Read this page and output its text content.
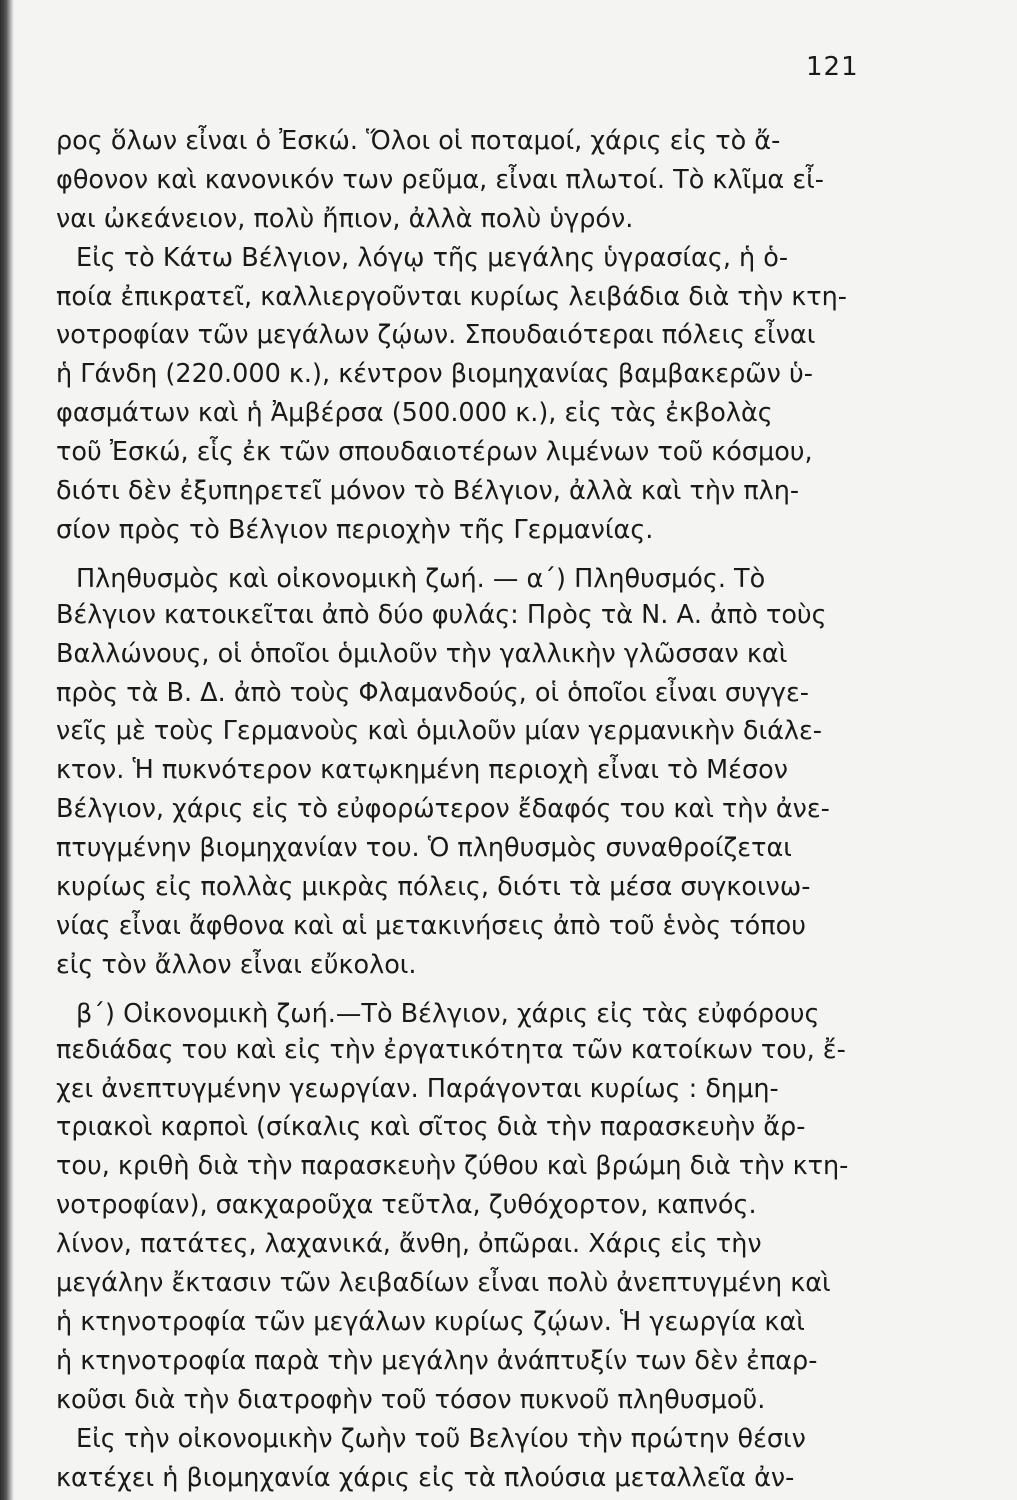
121
ρος ὅλων εἶναι ὁ Ἐσκώ. Ὅλοι οἱ ποταμοί, χάρις εἰς τὸ ἄ-
φθονον καὶ κανονικόν των ρεῦμα, εἶναι πλωτοί. Τὸ κλῖμα εἶ-
ναι ὠκεάνειον, πολὺ ἤπιον, ἀλλὰ πολὺ ὑγρόν.
Εἰς τὸ Κάτω Βέλγιον, λόγῳ τῆς μεγάλης ὑγρασίας, ἡ ὁ-
ποία ἐπικρατεῖ, καλλιεργοῦνται κυρίως λειβάδια διὰ τὴν κτη-
νοτροφίαν τῶν μεγάλων ζῴων. Σπουδαιότεραι πόλεις εἶναι
ἡ Γάνδη (220.000 κ.), κέντρον βιομηχανίας βαμβακερῶν ὑ-
φασμάτων καὶ ἡ Ἀμβέρσα (500.000 κ.), εἰς τὰς ἐκβολὰς
τοῦ Ἐσκώ, εἷς ἐκ τῶν σπουδαιοτέρων λιμένων τοῦ κόσμου,
διότι δὲν ἐξυπηρετεῖ μόνον τὸ Βέλγιον, ἀλλὰ καὶ τὴν πλη-
σίον πρὸς τὸ Βέλγιον περιοχὴν τῆς Γερμανίας.
Πληθυσμὸς καὶ οἰκονομικὴ ζωή. — α΄) Πληθυσμός. Τὸ
Βέλγιον κατοικεῖται ἀπὸ δύο φυλάς: Πρὸς τὰ Ν. Α. ἀπὸ τοὺς
Βαλλώνους, οἱ ὁποῖοι ὁμιλοῦν τὴν γαλλικὴν γλῶσσαν καὶ
πρὸς τὰ Β. Δ. ἀπὸ τοὺς Φλαμανδούς, οἱ ὁποῖοι εἶναι συγγε-
νεῖς μὲ τοὺς Γερμανοὺς καὶ ὁμιλοῦν μίαν γερμανικὴν διάλε-
κτον. Ἡ πυκνότερον κατῳκημένη περιοχὴ εἶναι τὸ Μέσον
Βέλγιον, χάρις εἰς τὸ εὐφορώτερον ἔδαφός του καὶ τὴν ἀνε-
πτυγμένην βιομηχανίαν του. Ὁ πληθυσμὸς συναθροίζεται
κυρίως εἰς πολλὰς μικρὰς πόλεις, διότι τὰ μέσα συγκοινω-
νίας εἶναι ἄφθονα καὶ αἱ μετακινήσεις ἀπὸ τοῦ ἑνὸς τόπου
εἰς τὸν ἄλλον εἶναι εὔκολοι.
β΄) Οἰκονομικὴ ζωή.—Τὸ Βέλγιον, χάρις εἰς τὰς εὐφόρους
πεδιάδας του καὶ εἰς τὴν ἐργατικότητα τῶν κατοίκων του, ἔ-
χει ἀνεπτυγμένην γεωργίαν. Παράγονται κυρίως : δημη-
τριακοὶ καρποὶ (σίκαλις καὶ σῖτος διὰ τὴν παρασκευὴν ἄρ-
του, κριθὴ διὰ τὴν παρασκευὴν ζύθου καὶ βρώμη διὰ τὴν κτη-
νοτροφίαν), σακχαροῦχα τεῦτλα, ζυθόχορτον, καπνός.
λίνον, πατάτες, λαχανικά, ἄνθη, ὀπῶραι. Χάρις εἰς τὴν
μεγάλην ἔκτασιν τῶν λειβαδίων εἶναι πολὺ ἀνεπτυγμένη καὶ
ἡ κτηνοτροφία τῶν μεγάλων κυρίως ζῴων. Ἡ γεωργία καὶ
ἡ κτηνοτροφία παρὰ τὴν μεγάλην ἀνάπτυξίν των δὲν ἐπαρ-
κοῦσι διὰ τὴν διατροφὴν τοῦ τόσον πυκνοῦ πληθυσμοῦ.
Εἰς τὴν οἰκονομικὴν ζωὴν τοῦ Βελγίου τὴν πρώτην θέσιν
κατέχει ἡ βιομηχανία χάρις εἰς τὰ πλούσια μεταλλεῖα ἀν-
